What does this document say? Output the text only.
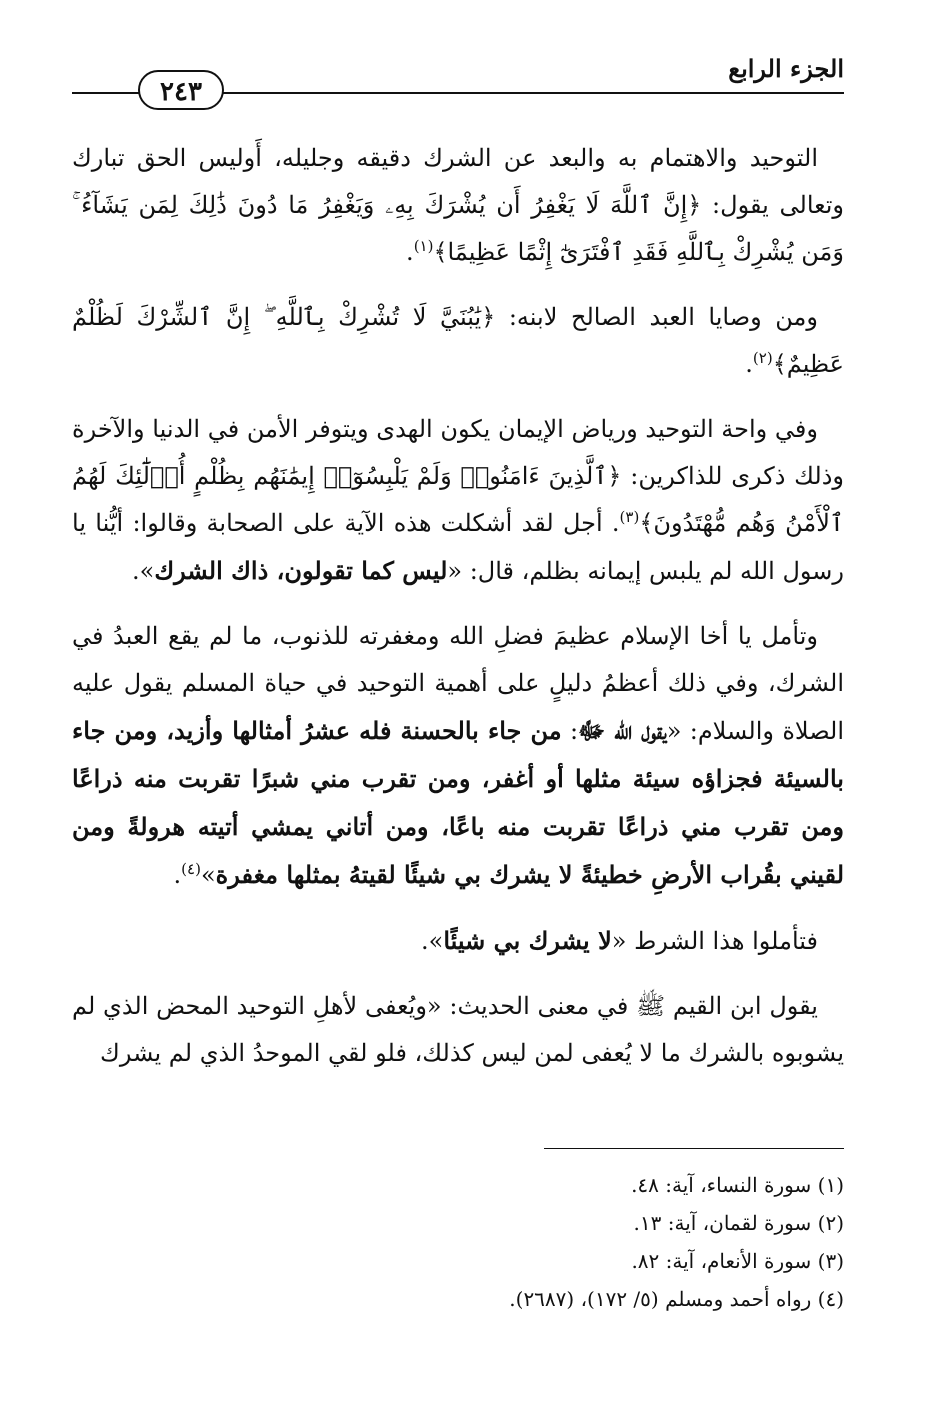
الجزء الرابع
٢٤٣

التوحيد والاهتمام به والبعد عن الشرك دقيقه وجليله، أَوليس الحق تبارك وتعالى يقول: ﴿إِنَّ ٱللَّهَ لَا يَغْفِرُ أَن يُشْرَكَ بِهِۦ وَيَغْفِرُ مَا دُونَ ذَٰلِكَ لِمَن يَشَآءُ ۚ وَمَن يُشْرِكْ بِٱللَّهِ فَقَدِ ٱفْتَرَىٰٓ إِثْمًا عَظِيمًا﴾$^{(١)}$.

ومن وصايا العبد الصالح لابنه: ﴿يَٰبُنَيَّ لَا تُشْرِكْ بِٱللَّهِ ۖ إِنَّ ٱلشِّرْكَ لَظُلْمٌ عَظِيمٌ﴾$^{(٢)}$.

وفي واحة التوحيد ورياض الإيمان يكون الهدى ويتوفر الأمن في الدنيا والآخرة وذلك ذكرى للذاكرين: ﴿ٱلَّذِينَ ءَامَنُوا۟ وَلَمْ يَلْبِسُوٓا۟ إِيمَٰنَهُم بِظُلْمٍ أُو۟لَٰٓئِكَ لَهُمُ ٱلْأَمْنُ وَهُم مُّهْتَدُونَ﴾$^{(٣)}$. أجل لقد أشكلت هذه الآية على الصحابة وقالوا: أيُّنا يا رسول الله لم يلبس إيمانه بظلم، قال: «ليس كما تقولون، ذاك الشرك».

وتأمل يا أخا الإسلام عظيمَ فضلِ الله ومغفرته للذنوب، ما لم يقع العبدُ في الشرك، وفي ذلك أعظمُ دليلٍ على أهمية التوحيد في حياة المسلم يقول عليه الصلاة والسلام: «يقول الله ﷻ: من جاء بالحسنة فله عشرُ أمثالها وأزيد، ومن جاء بالسيئة فجزاؤه سيئة مثلها أو أغفر، ومن تقرب مني شبرًا تقربت منه ذراعًا ومن تقرب مني ذراعًا تقربت منه باعًا، ومن أتاني يمشي أتيته هرولةً ومن لقيني بقُراب الأرضِ خطيئةً لا يشرك بي شيئًا لقيتهُ بمثلها مغفرة»$^{(٤)}$.

فتأملوا هذا الشرط «لا يشرك بي شيئًا».

يقول ابن القيم ﷺ في معنى الحديث: «ويُعفى لأهلِ التوحيد المحض الذي لم يشوبوه بالشرك ما لا يُعفى لمن ليس كذلك، فلو لقي الموحدُ الذي لم يشرك

(١) سورة النساء، آية: ٤٨.
(٢) سورة لقمان، آية: ١٣.
(٣) سورة الأنعام، آية: ٨٢.
(٤) رواه أحمد ومسلم (٥/ ١٧٢)، (٢٦٨٧).
